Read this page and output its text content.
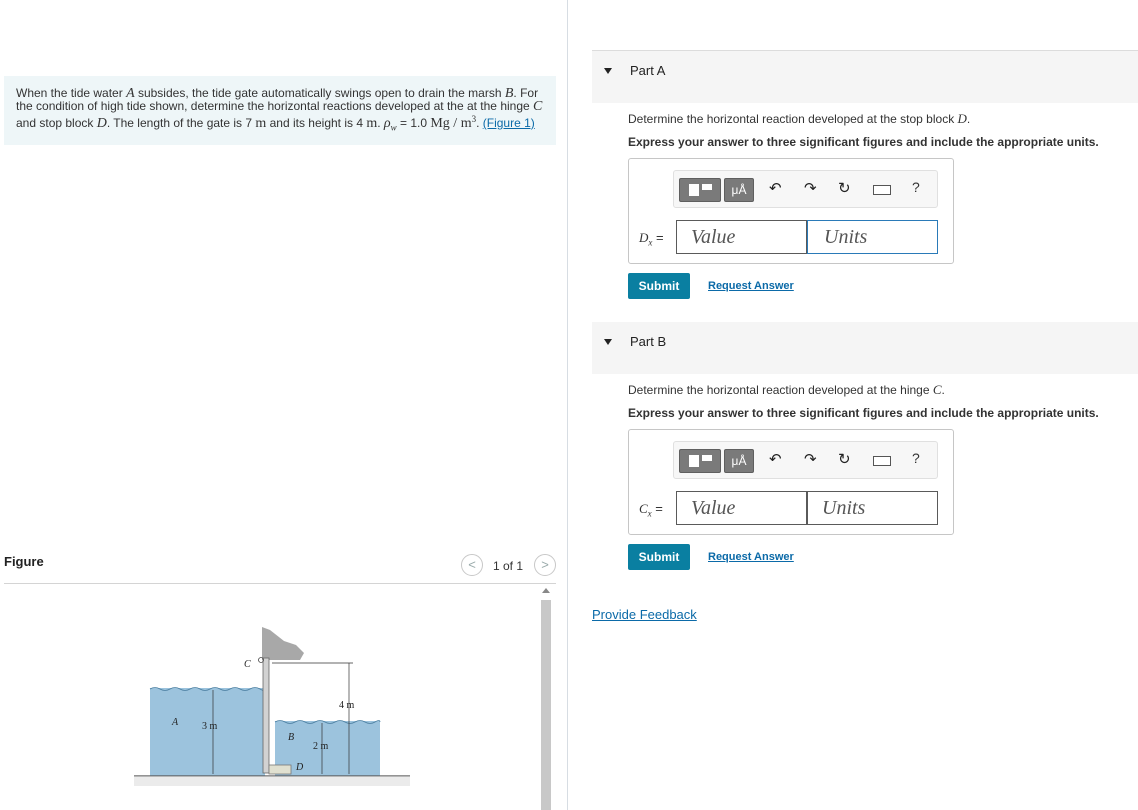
When the tide water A subsides, the tide gate automatically swings open to drain the marsh B. For the condition of high tide shown, determine the horizontal reactions developed at the at the hinge C and stop block D. The length of the gate is 7 m and its height is 4 m. $\rho_w = 1.0$ Mg / $m^3$. (Figure 1)
Figure	<	1 of 1	>
C
A
B
D
3 m
4 m
2 m
Part A
Determine the horizontal reaction developed at the stop block D.
Express your answer to three significant figures and include the appropriate units.
μÅ	↶ ↷ ↻	?
$D_x$ =	Value	Units
Submit	Request Answer
Part B
Determine the horizontal reaction developed at the hinge C.
Express your answer to three significant figures and include the appropriate units.
μÅ	↶ ↷ ↻	?
$C_x$ =	Value	Units
Submit	Request Answer
Provide Feedback
